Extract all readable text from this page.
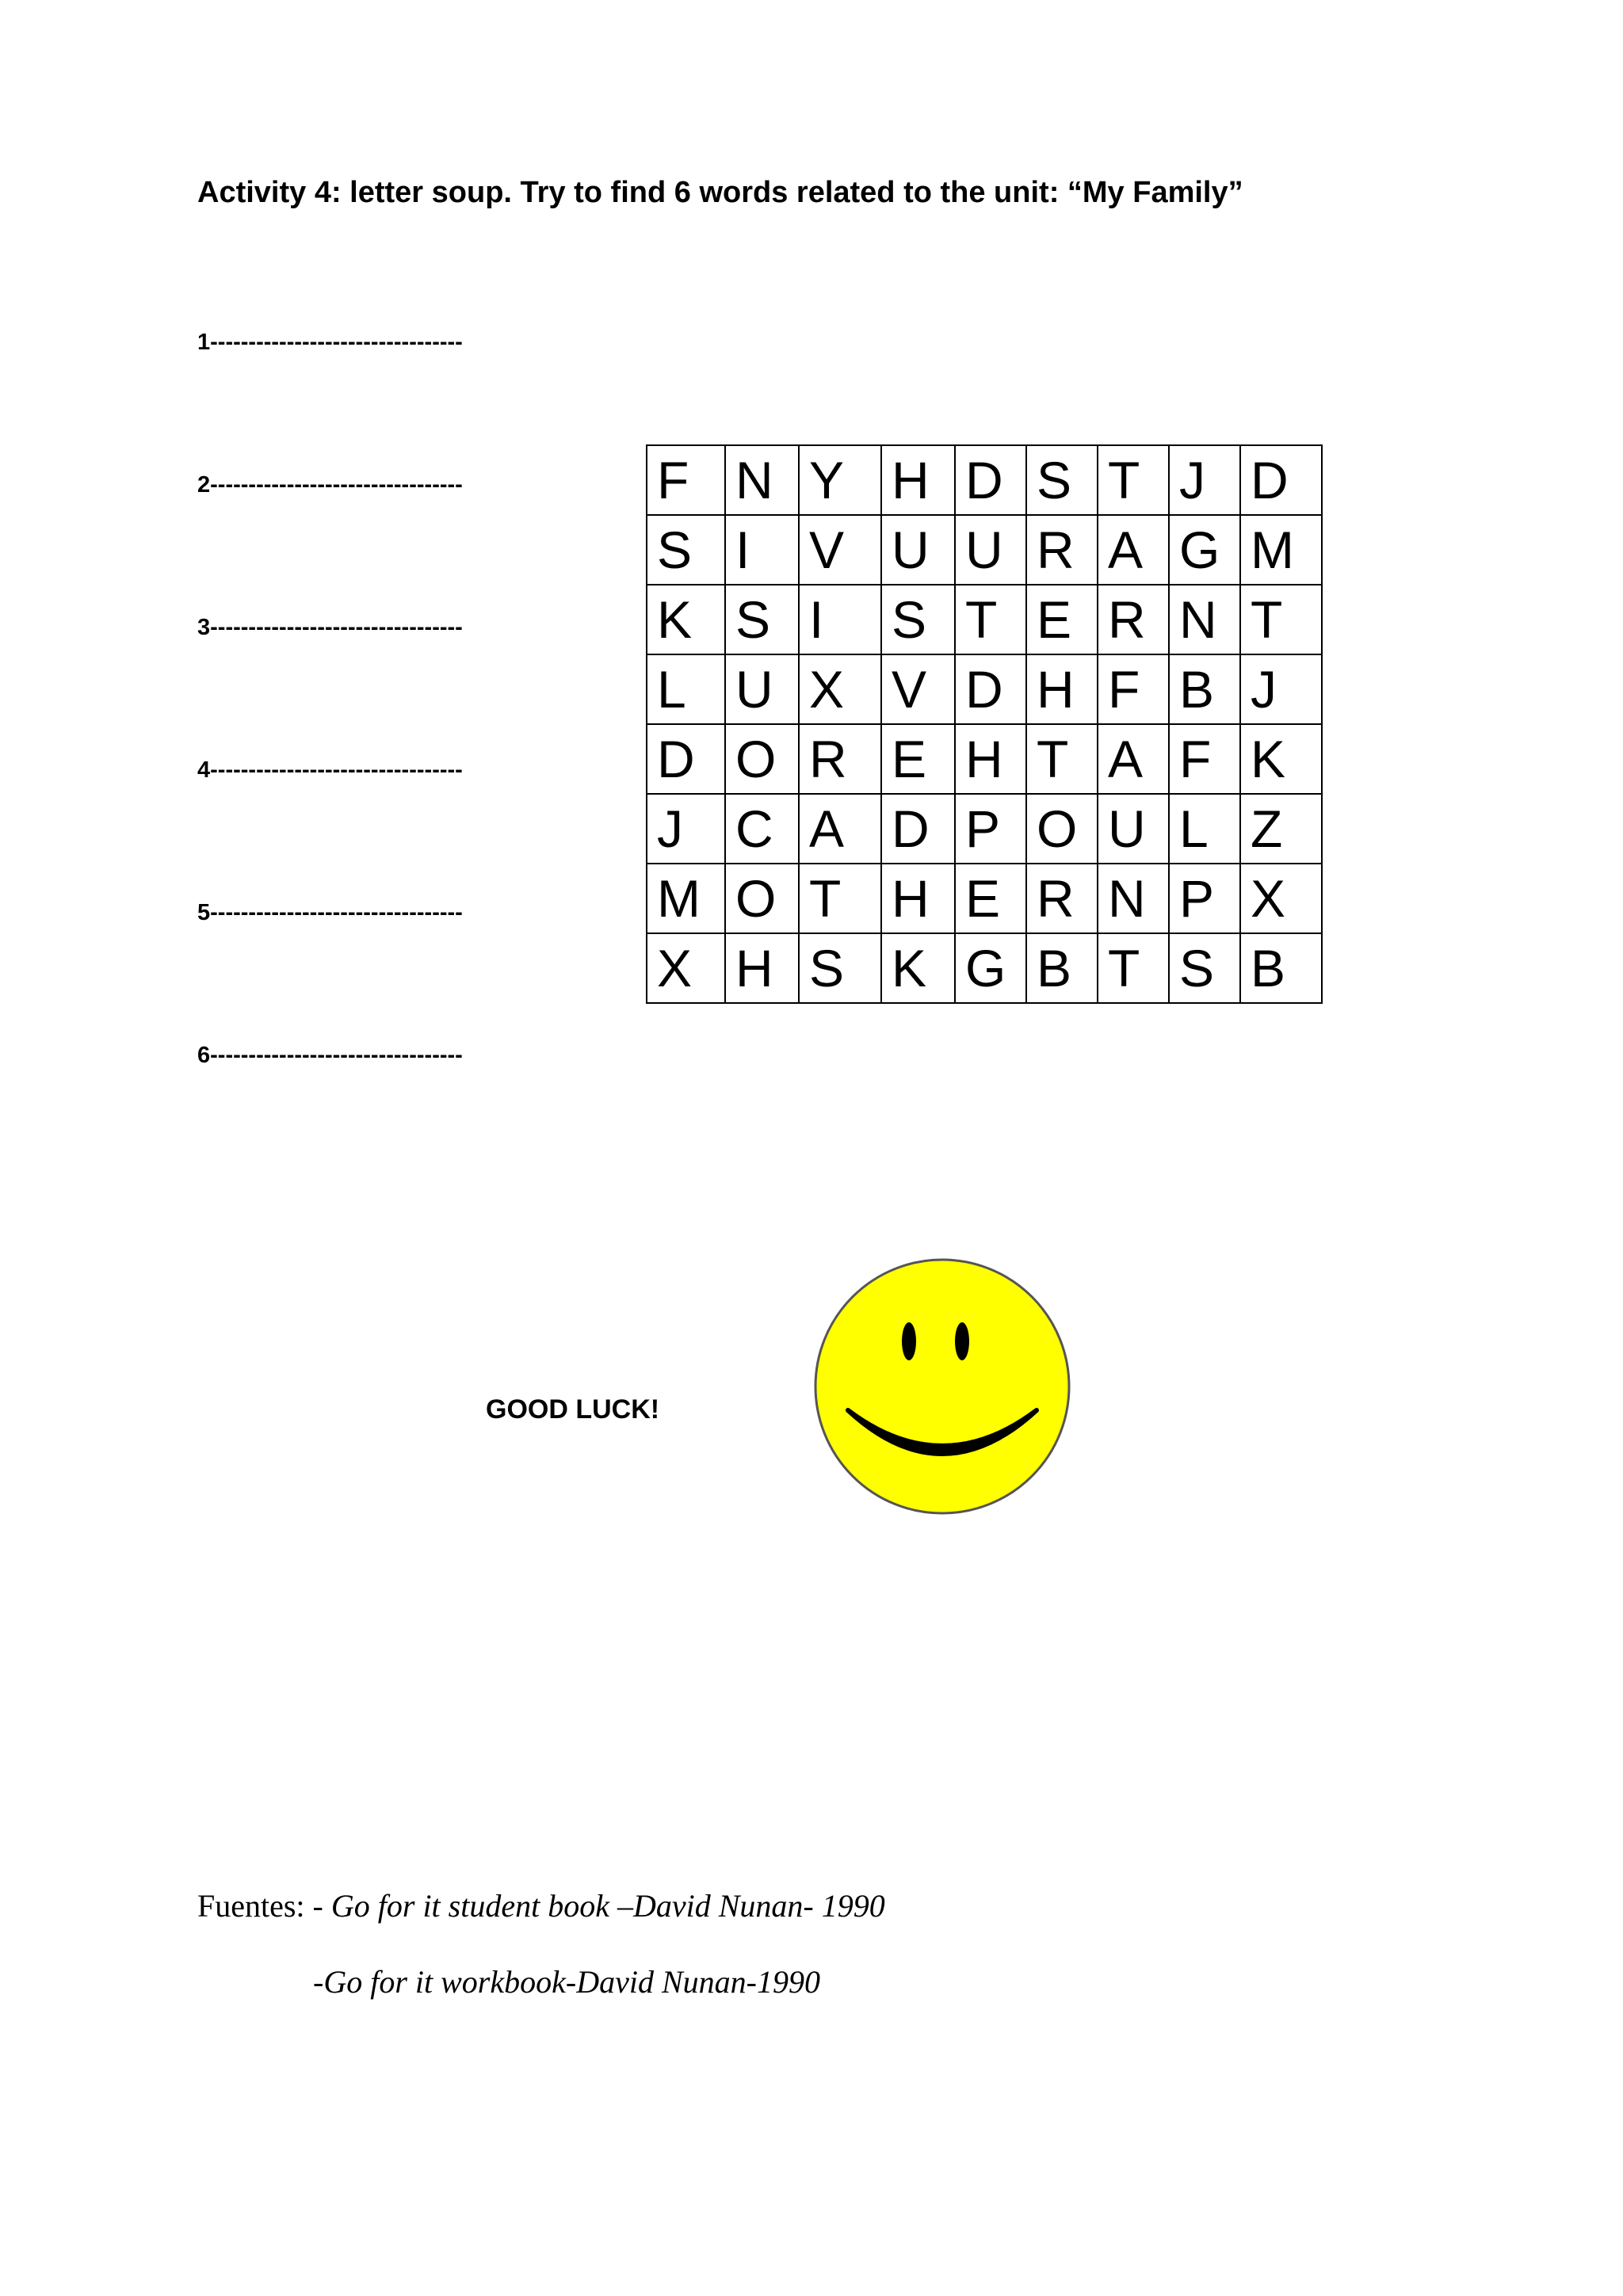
Activity 4: letter soup. Try to find 6 words related to the unit: “My Family”
1---------------------------------
2---------------------------------
3---------------------------------
4---------------------------------
5---------------------------------
6---------------------------------
F	N	Y	H	D	S	T	J	D
S	I	V	U	U	R	A	G	M
K	S	I	S	T	E	R	N	T
L	U	X	V	D	H	F	B	J
D	O	R	E	H	T	A	F	K
J	C	A	D	P	O	U	L	Z
M	O	T	H	E	R	N	P	X
X	H	S	K	G	B	T	S	B
GOOD LUCK!
Fuentes: - Go for it student book –David Nunan- 1990
-Go for it workbook-David Nunan-1990
